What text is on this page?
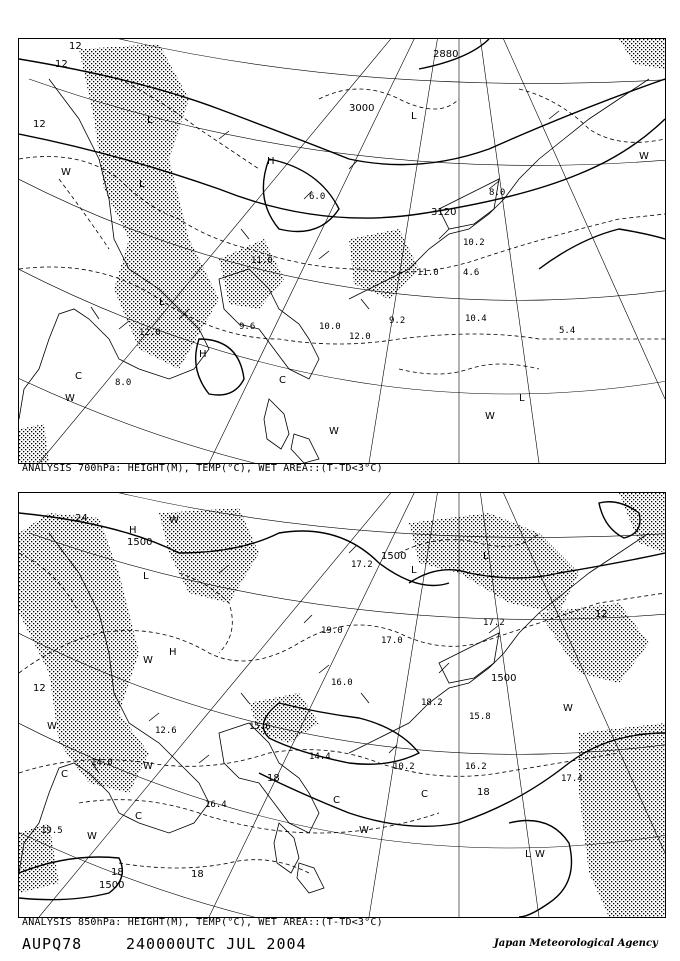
3000
3120
2880
12
12
12
H
H
L
L
L
L
L
C	C
W
W
W
W
W
12.0
8.0
11.0
9.2
10.2
10.4
5.4
4.6
6.0	8.0
10.0
11.0
9.6
12.0
ANALYSIS 700hPa: HEIGHT(M), TEMP(°C), WET AREA::(T-TD<3°C)
1500
1500
1500
1500
24
12
18
18
18
18
12
H
H
L
L
L
L
C
C
C
C
W
W
W
W
W
W
W
W
17.2
19.0
17.0
16.2
15.8
10.2
16.0
17.4
14.0
19.5
17.2
15.6
14.4
16.4
18.2
12.6
ANALYSIS 850hPa: HEIGHT(M), TEMP(°C), WET AREA::(T-TD<3°C)
AUPQ78	240000UTC JUL 2004	Japan Meteorological Agency
